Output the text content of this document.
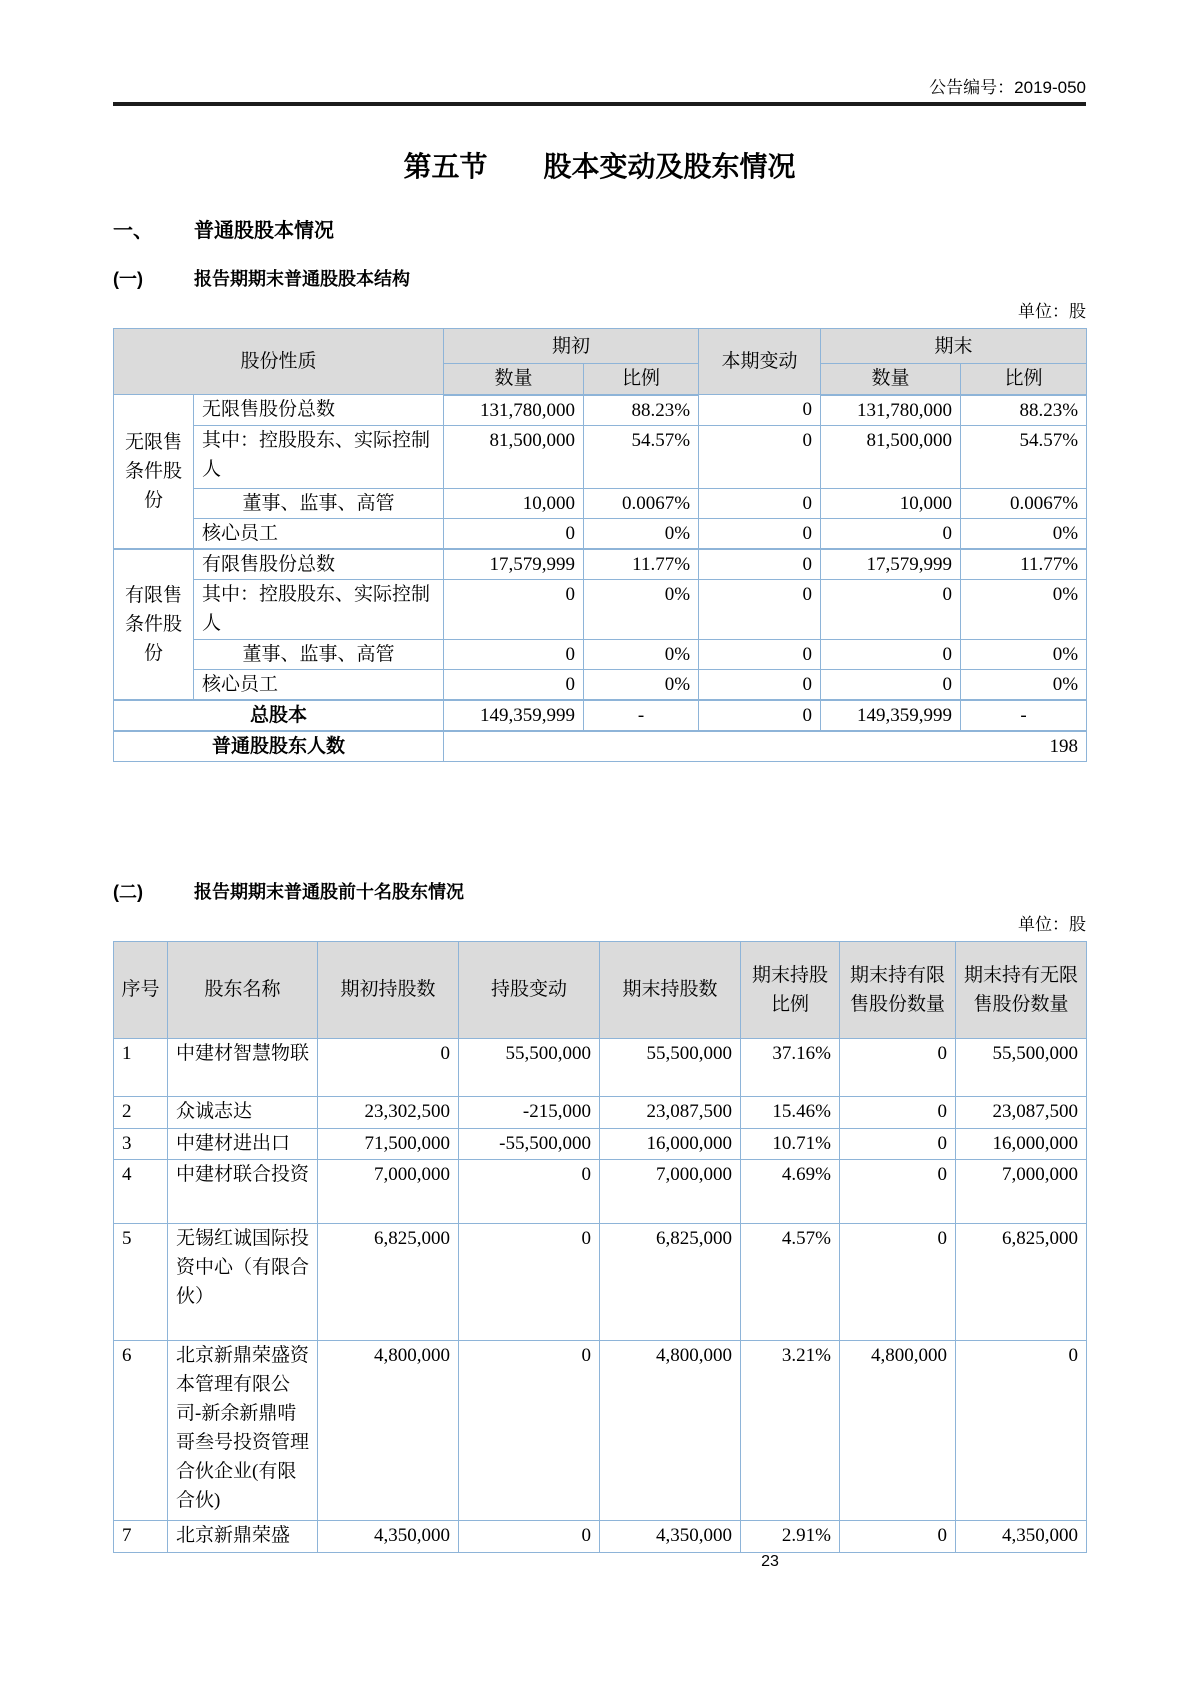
公告编号：2019-050
第五节　　股本变动及股东情况
一、	普通股股本情况
(一)	报告期期末普通股股本结构
单位：股
股份性质		期初		本期变动	期末	
		数量	比例		数量	比例
无限售条件股份	无限售股份总数	131,780,000	88.23%	0	131,780,000	88.23%
	其中：控股股东、实际控制人	81,500,000	54.57%	0	81,500,000	54.57%
	董事、监事、高管	10,000	0.0067%	0	10,000	0.0067%
	核心员工	0	0%	0	0	0%
有限售条件股份	有限售股份总数	17,579,999	11.77%	0	17,579,999	11.77%
	其中：控股股东、实际控制人	0	0%	0	0	0%
	董事、监事、高管	0	0%	0	0	0%
	核心员工	0	0%	0	0	0%
总股本		149,359,999	-	0	149,359,999	-
普通股股东人数		198				
(二)	报告期期末普通股前十名股东情况
单位：股
序号	股东名称	期初持股数	持股变动	期末持股数	期末持股比例	期末持有限售股份数量	期末持有无限售股份数量
1	中建材智慧物联	0	55,500,000	55,500,000	37.16%	0	55,500,000
2	众诚志达	23,302,500	-215,000	23,087,500	15.46%	0	23,087,500
3	中建材进出口	71,500,000	-55,500,000	16,000,000	10.71%	0	16,000,000
4	中建材联合投资	7,000,000	0	7,000,000	4.69%	0	7,000,000
5	无锡红诚国际投资中心（有限合伙）	6,825,000	0	6,825,000	4.57%	0	6,825,000
6	北京新鼎荣盛资本管理有限公司-新余新鼎啃哥叁号投资管理合伙企业(有限合伙)	4,800,000	0	4,800,000	3.21%	4,800,000	0
7	北京新鼎荣盛	4,350,000	0	4,350,000	2.91%	0	4,350,000
23
